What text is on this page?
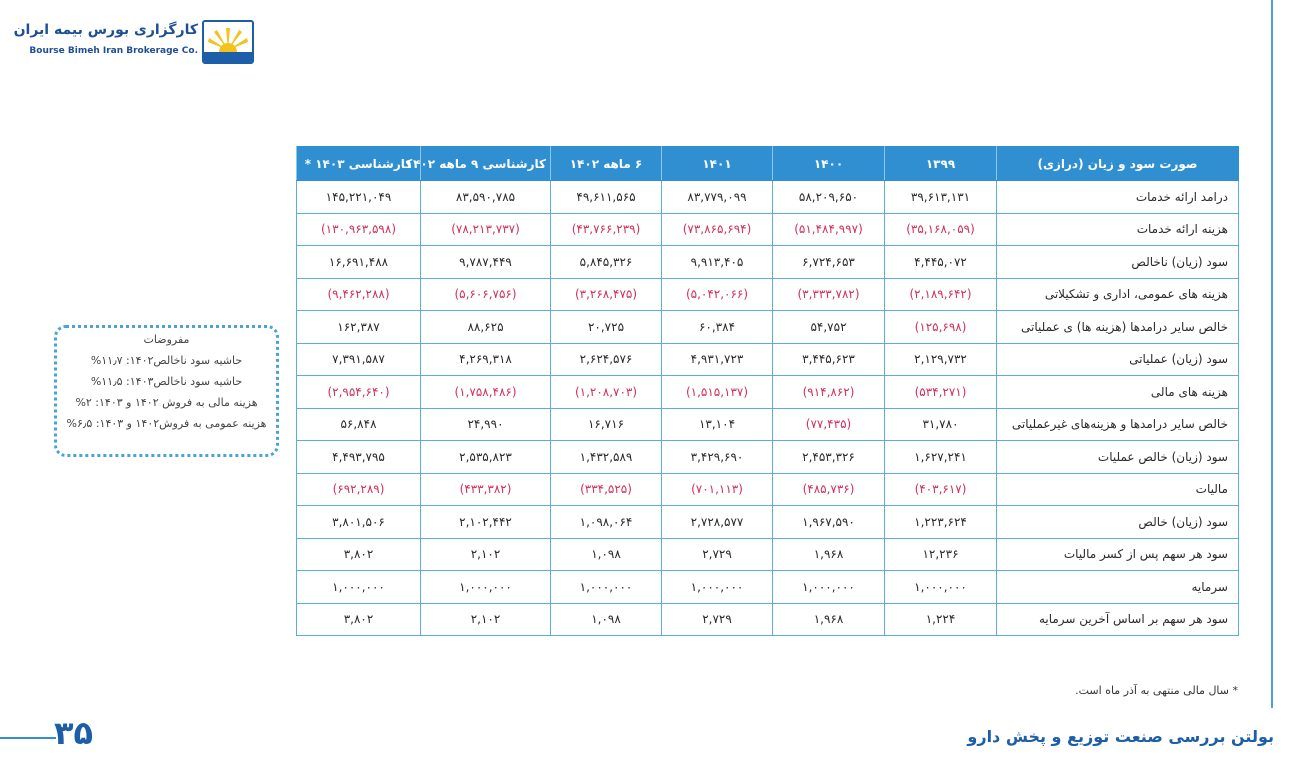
کارگزاری بورس بیمه ایران
Bourse Bimeh Iran Brokerage Co.
صورت سود و زیان (درازی)	۱۳۹۹	۱۴۰۰	۱۴۰۱	۶ ماهه ۱۴۰۲	کارشناسی ۹ ماهه ۱۴۰۲	کارشناسی ۱۴۰۳ *
درامد ارائه خدمات	۳۹,۶۱۳,۱۳۱	۵۸,۲۰۹,۶۵۰	۸۳,۷۷۹,۰۹۹	۴۹,۶۱۱,۵۶۵	۸۳,۵۹۰,۷۸۵	۱۴۵,۲۲۱,۰۴۹
هزینه ارائه خدمات	(۳۵,۱۶۸,۰۵۹)	(۵۱,۴۸۴,۹۹۷)	(۷۳,۸۶۵,۶۹۴)	(۴۳,۷۶۶,۲۳۹)	(۷۸,۲۱۳,۷۳۷)	(۱۳۰,۹۶۳,۵۹۸)
سود (زیان) ناخالص	۴,۴۴۵,۰۷۲	۶,۷۲۴,۶۵۳	۹,۹۱۳,۴۰۵	۵,۸۴۵,۳۲۶	۹,۷۸۷,۴۴۹	۱۶,۶۹۱,۴۸۸
هزینه های عمومی، اداری و تشکیلاتی	(۲,۱۸۹,۶۴۲)	(۳,۳۳۳,۷۸۲)	(۵,۰۴۲,۰۶۶)	(۳,۲۶۸,۴۷۵)	(۵,۶۰۶,۷۵۶)	(۹,۴۶۲,۲۸۸)
خالص سایر درامدها (هزینه ها) ی عملیاتی	(۱۲۵,۶۹۸)	۵۴,۷۵۲	۶۰,۳۸۴	۲۰,۷۲۵	۸۸,۶۲۵	۱۶۲,۳۸۷
سود (زیان) عملیاتی	۲,۱۲۹,۷۳۲	۳,۴۴۵,۶۲۳	۴,۹۳۱,۷۲۳	۲,۶۲۴,۵۷۶	۴,۲۶۹,۳۱۸	۷,۳۹۱,۵۸۷
هزینه های مالی	(۵۳۴,۲۷۱)	(۹۱۴,۸۶۲)	(۱,۵۱۵,۱۳۷)	(۱,۲۰۸,۷۰۳)	(۱,۷۵۸,۴۸۶)	(۲,۹۵۴,۶۴۰)
خالص سایر درامدها و هزینه‌های غیرعملیاتی	۳۱,۷۸۰	(۷۷,۴۳۵)	۱۳,۱۰۴	۱۶,۷۱۶	۲۴,۹۹۰	۵۶,۸۴۸
سود (زیان) خالص عملیات	۱,۶۲۷,۲۴۱	۲,۴۵۳,۳۲۶	۳,۴۲۹,۶۹۰	۱,۴۳۲,۵۸۹	۲,۵۳۵,۸۲۳	۴,۴۹۳,۷۹۵
مالیات	(۴۰۳,۶۱۷)	(۴۸۵,۷۳۶)	(۷۰۱,۱۱۳)	(۳۳۴,۵۲۵)	(۴۳۳,۳۸۲)	(۶۹۲,۲۸۹)
سود (زیان) خالص	۱,۲۲۳,۶۲۴	۱,۹۶۷,۵۹۰	۲,۷۲۸,۵۷۷	۱,۰۹۸,۰۶۴	۲,۱۰۲,۴۴۲	۳,۸۰۱,۵۰۶
سود هر سهم پس از کسر مالیات	۱۲,۲۳۶	۱,۹۶۸	۲,۷۲۹	۱,۰۹۸	۲,۱۰۲	۳,۸۰۲
سرمایه	۱,۰۰۰,۰۰۰	۱,۰۰۰,۰۰۰	۱,۰۰۰,۰۰۰	۱,۰۰۰,۰۰۰	۱,۰۰۰,۰۰۰	۱,۰۰۰,۰۰۰
سود هر سهم بر اساس آخرین سرمایه	۱,۲۲۴	۱,۹۶۸	۲,۷۲۹	۱,۰۹۸	۲,۱۰۲	۳,۸۰۲
مفروضات
حاشیه سود ناخالص۱۴۰۲: ۱۱٫۷%
حاشیه سود ناخالص۱۴۰۳: ۱۱٫۵%
هزینه مالی به فروش ۱۴۰۲ و ۱۴۰۳: ۲%
هزینه عمومی به فروش۱۴۰۲ و ۱۴۰۳: ۶٫۵%
* سال مالی منتهی به آذر ماه است.
۳۵	بولتن بررسی صنعت توزیع و پخش دارو
